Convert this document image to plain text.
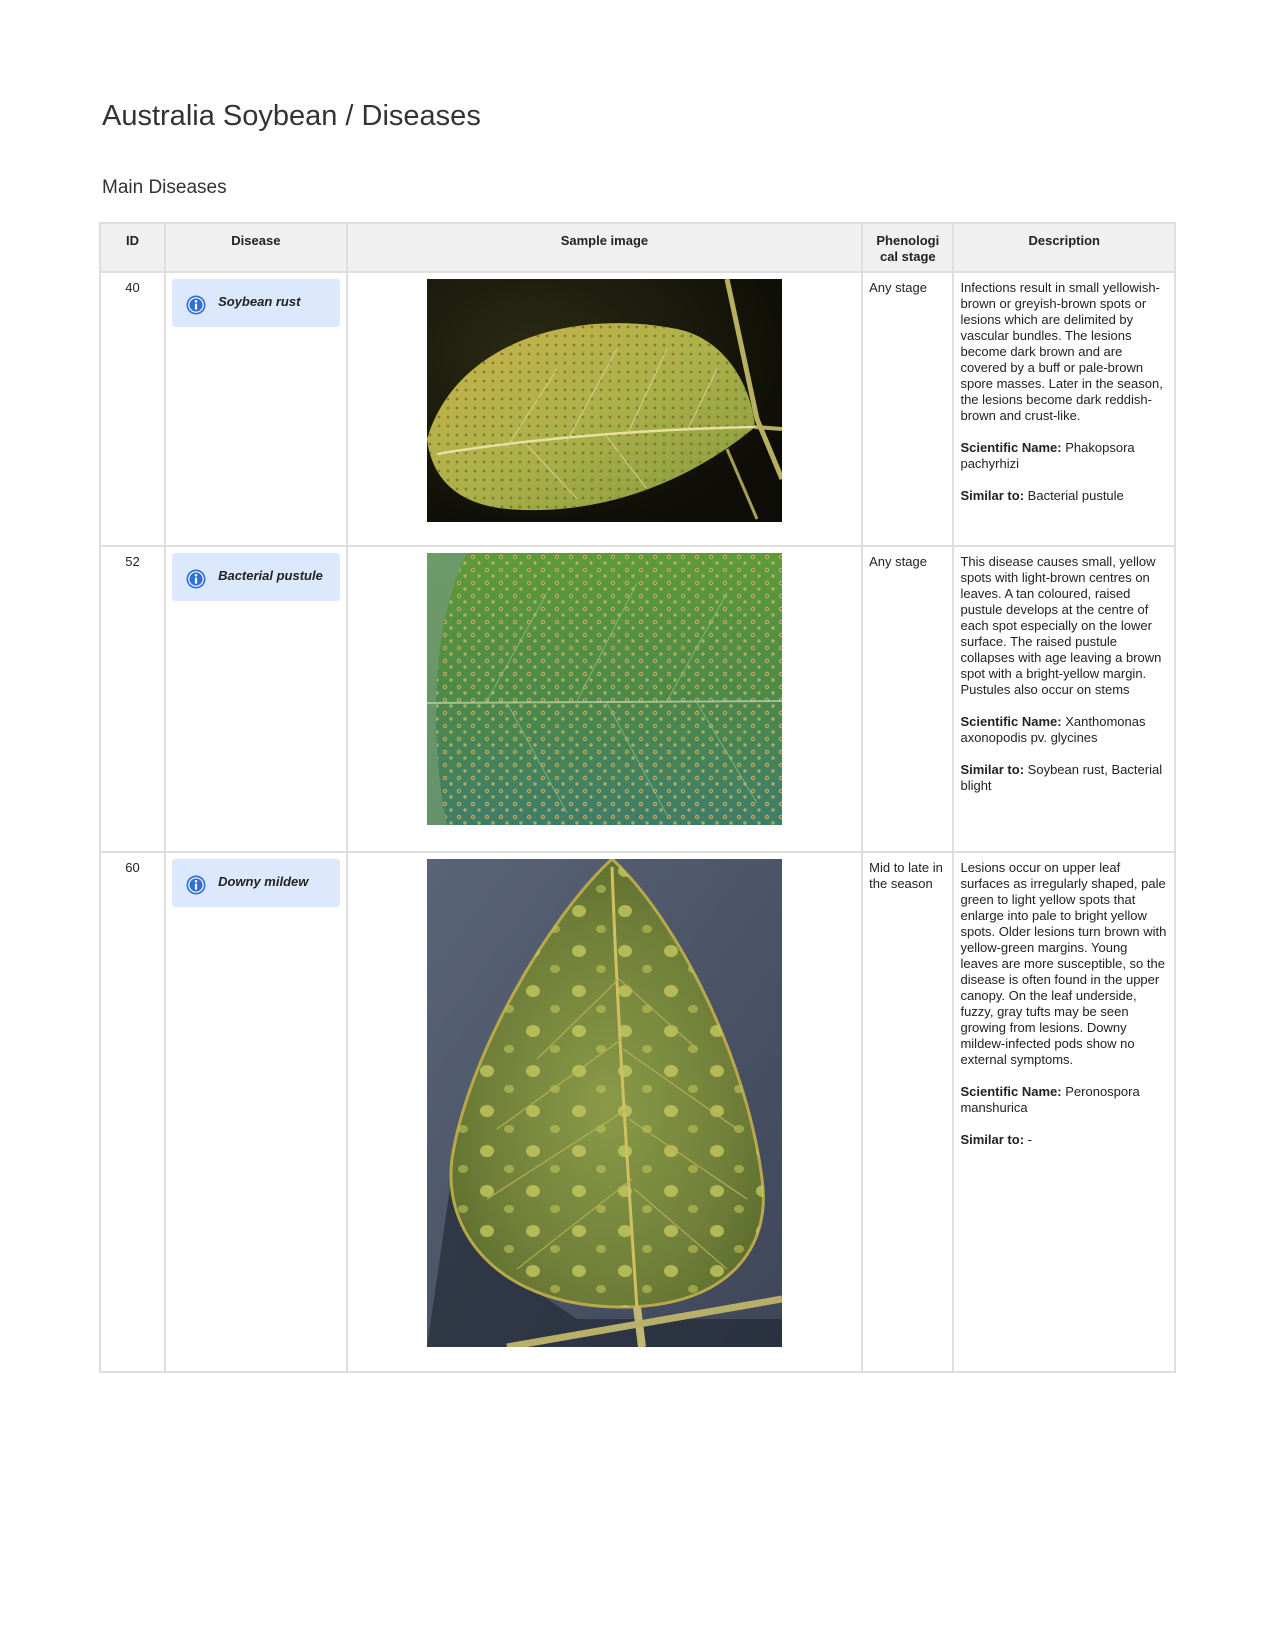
Australia Soybean / Diseases
Main Diseases
ID	Disease	Sample image	Phenologi cal stage	Description
40	Soybean rust		Any stage	Infections result in small yellowish-brown or greyish-brown spots or lesions which are delimited by vascular bundles. The lesions become dark brown and are covered by a buff or pale-brown spore masses. Later in the season, the lesions become dark reddish-brown and crust-like.

Scientific Name: Phakopsora pachyrhizi

Similar to: Bacterial pustule

52	Bacterial pustule		Any stage	This disease causes small, yellow spots with light-brown centres on leaves. A tan coloured, raised pustule develops at the centre of each spot especially on the lower surface. The raised pustule collapses with age leaving a brown spot with a bright-yellow margin. Pustules also occur on stems

Scientific Name: Xanthomonas axonopodis pv. glycines

Similar to: Soybean rust, Bacterial blight

60	Downy mildew		Mid to late in the season	Lesions occur on upper leaf surfaces as irregularly shaped, pale green to light yellow spots that enlarge into pale to bright yellow spots. Older lesions turn brown with yellow-green margins. Young leaves are more susceptible, so the disease is often found in the upper canopy. On the leaf underside, fuzzy, gray tufts may be seen growing from lesions. Downy mildew-infected pods show no external symptoms.

Scientific Name: Peronospora manshurica

Similar to: -
